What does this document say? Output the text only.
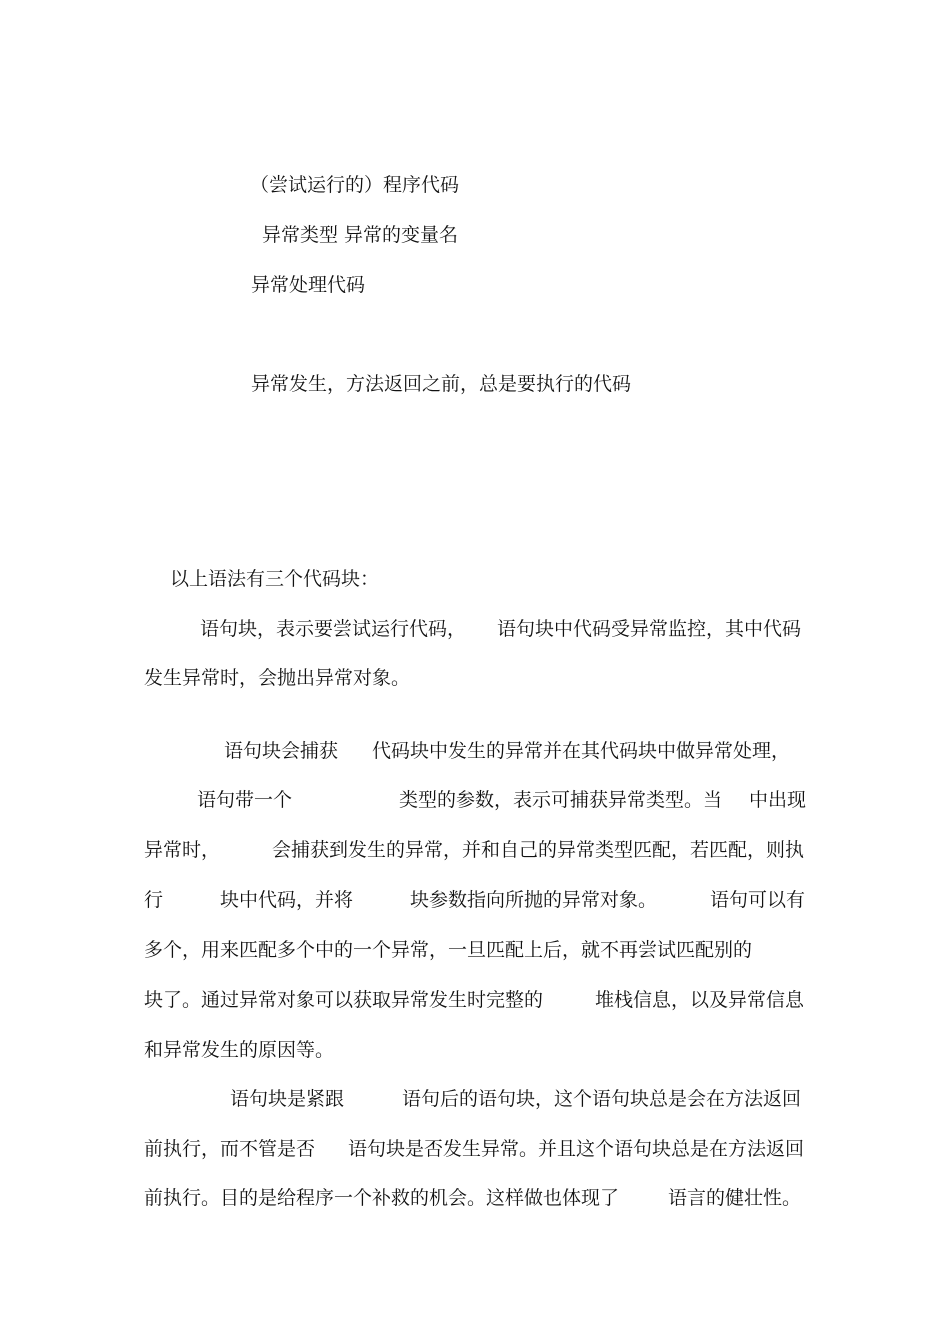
（尝试运行的）程序代码
异常类型 异常的变量名
异常处理代码
异常发生，方法返回之前，总是要执行的代码
以上语法有三个代码块：
语句块，表示要尝试运行代码， 语句块中代码受异常监控，其中代码
发生异常时，会抛出异常对象。
语句块会捕获 代码块中发生的异常并在其代码块中做异常处理，
语句带一个	类型的参数，表示可捕获异常类型。当 中出现
异常时，	会捕获到发生的异常，并和自己的异常类型匹配，若匹配，则执
行	块中代码，并将	块参数指向所抛的异常对象。	语句可以有
多个，用来匹配多个中的一个异常，一旦匹配上后，就不再尝试匹配别的
块了。通过异常对象可以获取异常发生时完整的	堆栈信息，以及异常信息
和异常发生的原因等。
语句块是紧跟	语句后的语句块，这个语句块总是会在方法返回
前执行，而不管是否 语句块是否发生异常。并且这个语句块总是在方法返回
前执行。目的是给程序一个补救的机会。这样做也体现了	语言的健壮性。
